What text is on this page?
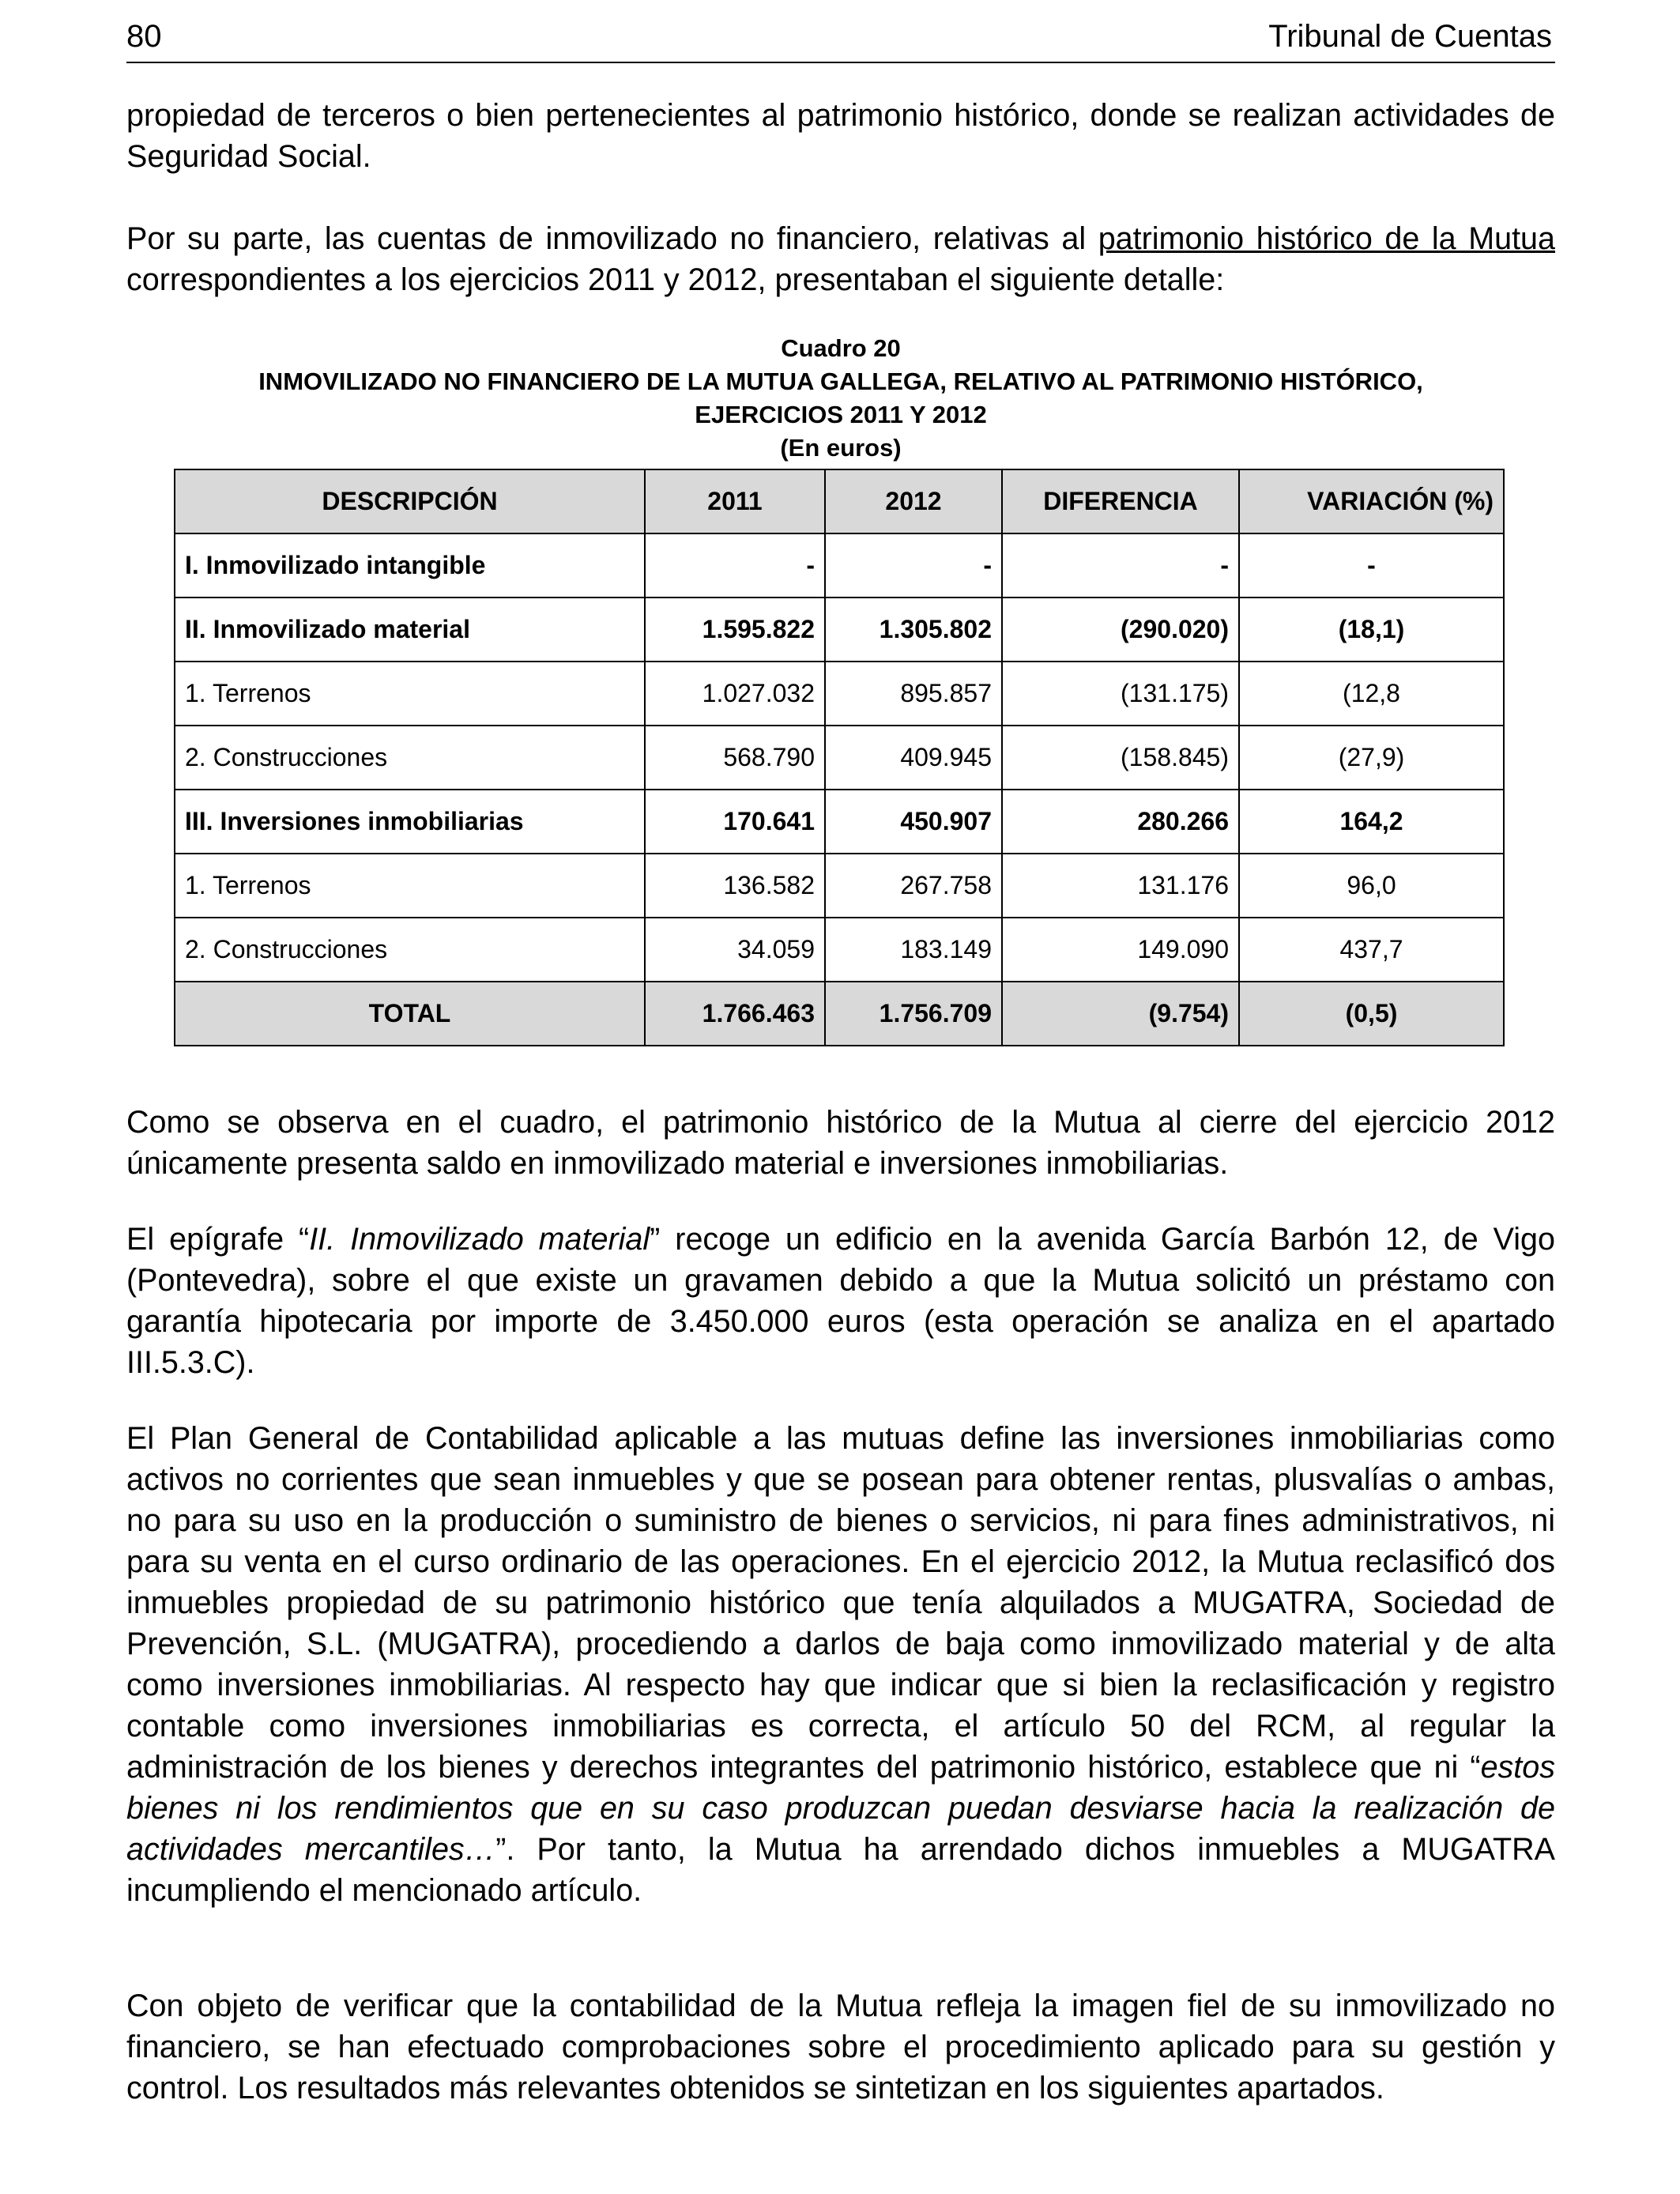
80	Tribunal de Cuentas

propiedad de terceros o bien pertenecientes al patrimonio histórico, donde se realizan actividades de Seguridad Social.

Por su parte, las cuentas de inmovilizado no financiero, relativas al patrimonio histórico de la Mutua correspondientes a los ejercicios 2011 y 2012, presentaban el siguiente detalle:

Cuadro 20
INMOVILIZADO NO FINANCIERO DE LA MUTUA GALLEGA, RELATIVO AL PATRIMONIO HISTÓRICO,
EJERCICIOS 2011 Y 2012
(En euros)
DESCRIPCIÓN	2011	2012	DIFERENCIA	VARIACIÓN (%)
I. Inmovilizado intangible	-	-	-	-
II. Inmovilizado material	1.595.822	1.305.802	(290.020)	(18,1)
1. Terrenos	1.027.032	895.857	(131.175)	(12,8
2. Construcciones	568.790	409.945	(158.845)	(27,9)
III. Inversiones inmobiliarias	170.641	450.907	280.266	164,2
1. Terrenos	136.582	267.758	131.176	96,0
2. Construcciones	34.059	183.149	149.090	437,7
TOTAL	1.766.463	1.756.709	(9.754)	(0,5)

Como se observa en el cuadro, el patrimonio histórico de la Mutua al cierre del ejercicio 2012 únicamente presenta saldo en inmovilizado material e inversiones inmobiliarias.

El epígrafe “II. Inmovilizado material” recoge un edificio en la avenida García Barbón 12, de Vigo (Pontevedra), sobre el que existe un gravamen debido a que la Mutua solicitó un préstamo con garantía hipotecaria por importe de 3.450.000 euros (esta operación se analiza en el apartado III.5.3.C).

El Plan General de Contabilidad aplicable a las mutuas define las inversiones inmobiliarias como activos no corrientes que sean inmuebles y que se posean para obtener rentas, plusvalías o ambas, no para su uso en la producción o suministro de bienes o servicios, ni para fines administrativos, ni para su venta en el curso ordinario de las operaciones. En el ejercicio 2012, la Mutua reclasificó dos inmuebles propiedad de su patrimonio histórico que tenía alquilados a MUGATRA, Sociedad de Prevención, S.L. (MUGATRA), procediendo a darlos de baja como inmovilizado material y de alta como inversiones inmobiliarias. Al respecto hay que indicar que si bien la reclasificación y registro contable como inversiones inmobiliarias es correcta, el artículo 50 del RCM, al regular la administración de los bienes y derechos integrantes del patrimonio histórico, establece que ni “estos bienes ni los rendimientos que en su caso produzcan puedan desviarse hacia la realización de actividades mercantiles…”. Por tanto, la Mutua ha arrendado dichos inmuebles a MUGATRA incumpliendo el mencionado artículo.

Con objeto de verificar que la contabilidad de la Mutua refleja la imagen fiel de su inmovilizado no financiero, se han efectuado comprobaciones sobre el procedimiento aplicado para su gestión y control. Los resultados más relevantes obtenidos se sintetizan en los siguientes apartados.
